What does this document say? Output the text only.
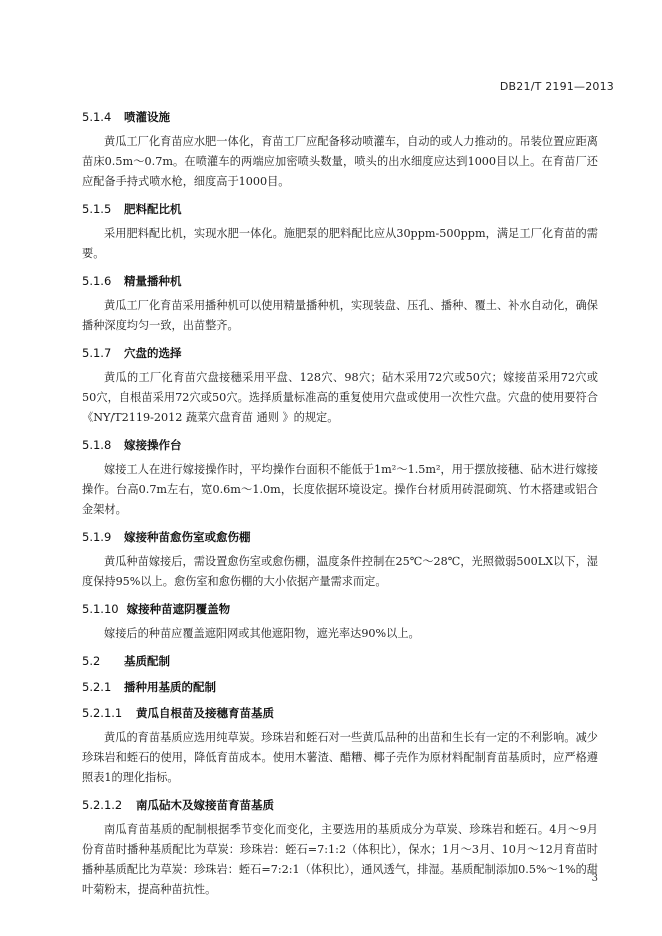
DB21/T 2191—2013
5.1.4 喷灌设施
黄瓜工厂化育苗应水肥一体化，育苗工厂应配备移动喷灌车，自动的或人力推动的。吊装位置应距离苗床0.5m～0.7m。在喷灌车的两端应加密喷头数量，喷头的出水细度应达到1000目以上。在育苗厂还应配备手持式喷水枪，细度高于1000目。
5.1.5 肥料配比机
采用肥料配比机，实现水肥一体化。施肥泵的肥料配比应从30ppm-500ppm，满足工厂化育苗的需要。
5.1.6 精量播种机
黄瓜工厂化育苗采用播种机可以使用精量播种机，实现装盘、压孔、播种、覆土、补水自动化，确保播种深度均匀一致，出苗整齐。
5.1.7 穴盘的选择
黄瓜的工厂化育苗穴盘接穗采用平盘、128穴、98穴；砧木采用72穴或50穴；嫁接苗采用72穴或50穴，自根苗采用72穴或50穴。选择质量标准高的重复使用穴盘或使用一次性穴盘。穴盘的使用要符合《NY/T2119-2012 蔬菜穴盘育苗 通则 》的规定。
5.1.8 嫁接操作台
嫁接工人在进行嫁接操作时，平均操作台面积不能低于1m²～1.5m²，用于摆放接穗、砧木进行嫁接操作。台高0.7m左右，宽0.6m～1.0m，长度依据环境设定。操作台材质用砖混砌筑、竹木搭建或铝合金架材。
5.1.9 嫁接种苗愈伤室或愈伤棚
黄瓜种苗嫁接后，需设置愈伤室或愈伤棚，温度条件控制在25℃～28℃，光照微弱500LX以下，湿度保持95%以上。愈伤室和愈伤棚的大小依据产量需求而定。
5.1.10 嫁接种苗遮阴覆盖物
嫁接后的种苗应覆盖遮阳网或其他遮阳物，遮光率达90%以上。
5.2 基质配制
5.2.1 播种用基质的配制
5.2.1.1 黄瓜自根苗及接穗育苗基质
黄瓜的育苗基质应选用纯草炭。珍珠岩和蛭石对一些黄瓜品种的出苗和生长有一定的不利影响。减少珍珠岩和蛭石的使用，降低育苗成本。使用木薯渣、醋糟、椰子壳作为原材料配制育苗基质时，应严格遵照表1的理化指标。
5.2.1.2 南瓜砧木及嫁接苗育苗基质
南瓜育苗基质的配制根据季节变化而变化，主要选用的基质成分为草炭、珍珠岩和蛭石。4月～9月份育苗时播种基质配比为草炭：珍珠岩：蛭石=7:1:2（体积比），保水；1月～3月、10月～12月育苗时播种基质配比为草炭：珍珠岩：蛭石=7:2:1（体积比），通风透气，排湿。基质配制添加0.5%～1%的甜叶菊粉末，提高种苗抗性。
3
